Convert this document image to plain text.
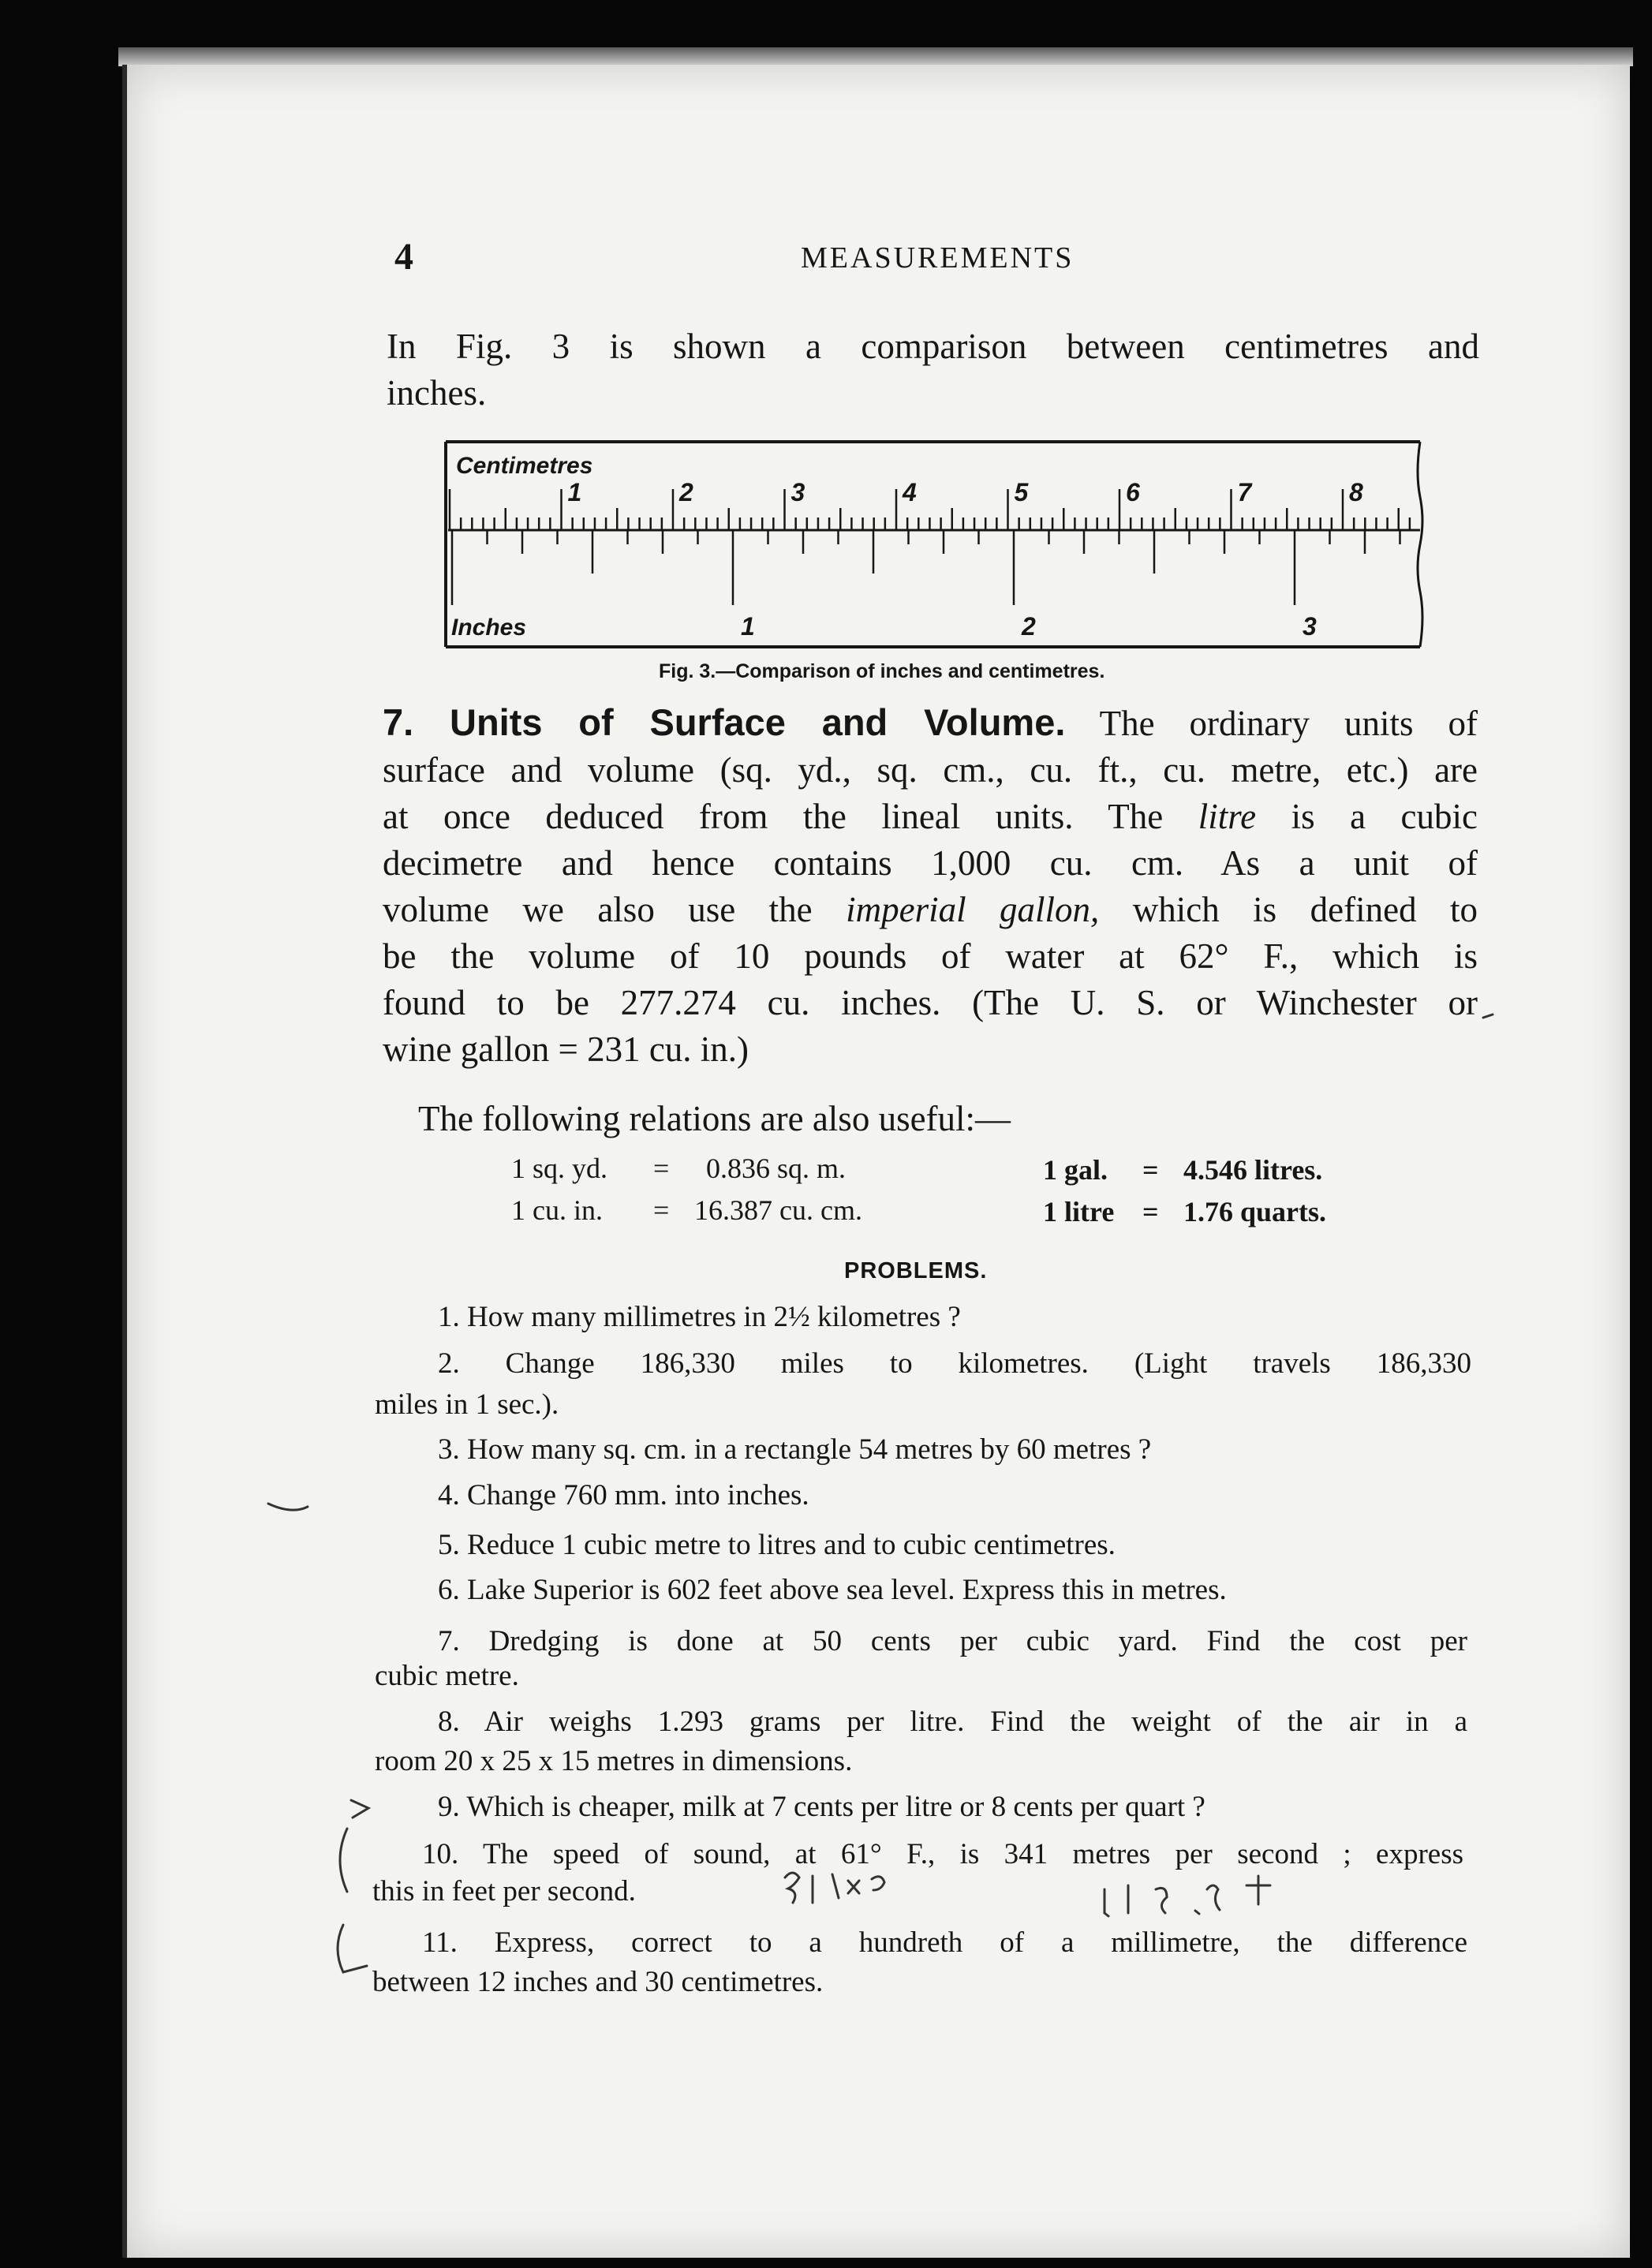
4	MEASUREMENTS
In Fig. 3 is shown a comparison between centimetres and
inches.
Centimetres
Inches
1	2	3	4	5	6	7	8
1	2	3
Fig. 3.—Comparison of inches and centimetres.
7. Units of Surface and Volume. The ordinary units of
surface and volume (sq. yd., sq. cm., cu. ft., cu. metre, etc.) are
at once deduced from the lineal units. The litre is a cubic
decimetre and hence contains 1,000 cu. cm. As a unit of
volume we also use the imperial gallon, which is defined to
be the volume of 10 pounds of water at 62° F., which is
found to be 277.274 cu. inches. (The U. S. or Winchester or
wine gallon = 231 cu. in.)
The following relations are also useful:—
1 sq. yd. = 0.836 sq. m.
1 cu. in. = 16.387 cu. cm.
1 gal. = 4.546 litres.
1 litre = 1.76 quarts.
PROBLEMS.
1. How many millimetres in 2½ kilometres ?
2. Change 186,330 miles to kilometres. (Light travels 186,330
miles in 1 sec.).
3. How many sq. cm. in a rectangle 54 metres by 60 metres ?
4. Change 760 mm. into inches.
5. Reduce 1 cubic metre to litres and to cubic centimetres.
6. Lake Superior is 602 feet above sea level. Express this in metres.
7. Dredging is done at 50 cents per cubic yard. Find the cost per
cubic metre.
8. Air weighs 1.293 grams per litre. Find the weight of the air in a
room 20 x 25 x 15 metres in dimensions.
9. Which is cheaper, milk at 7 cents per litre or 8 cents per quart ?
10. The speed of sound, at 61° F., is 341 metres per second ; express
this in feet per second.
11. Express, correct to a hundreth of a millimetre, the difference
between 12 inches and 30 centimetres.
